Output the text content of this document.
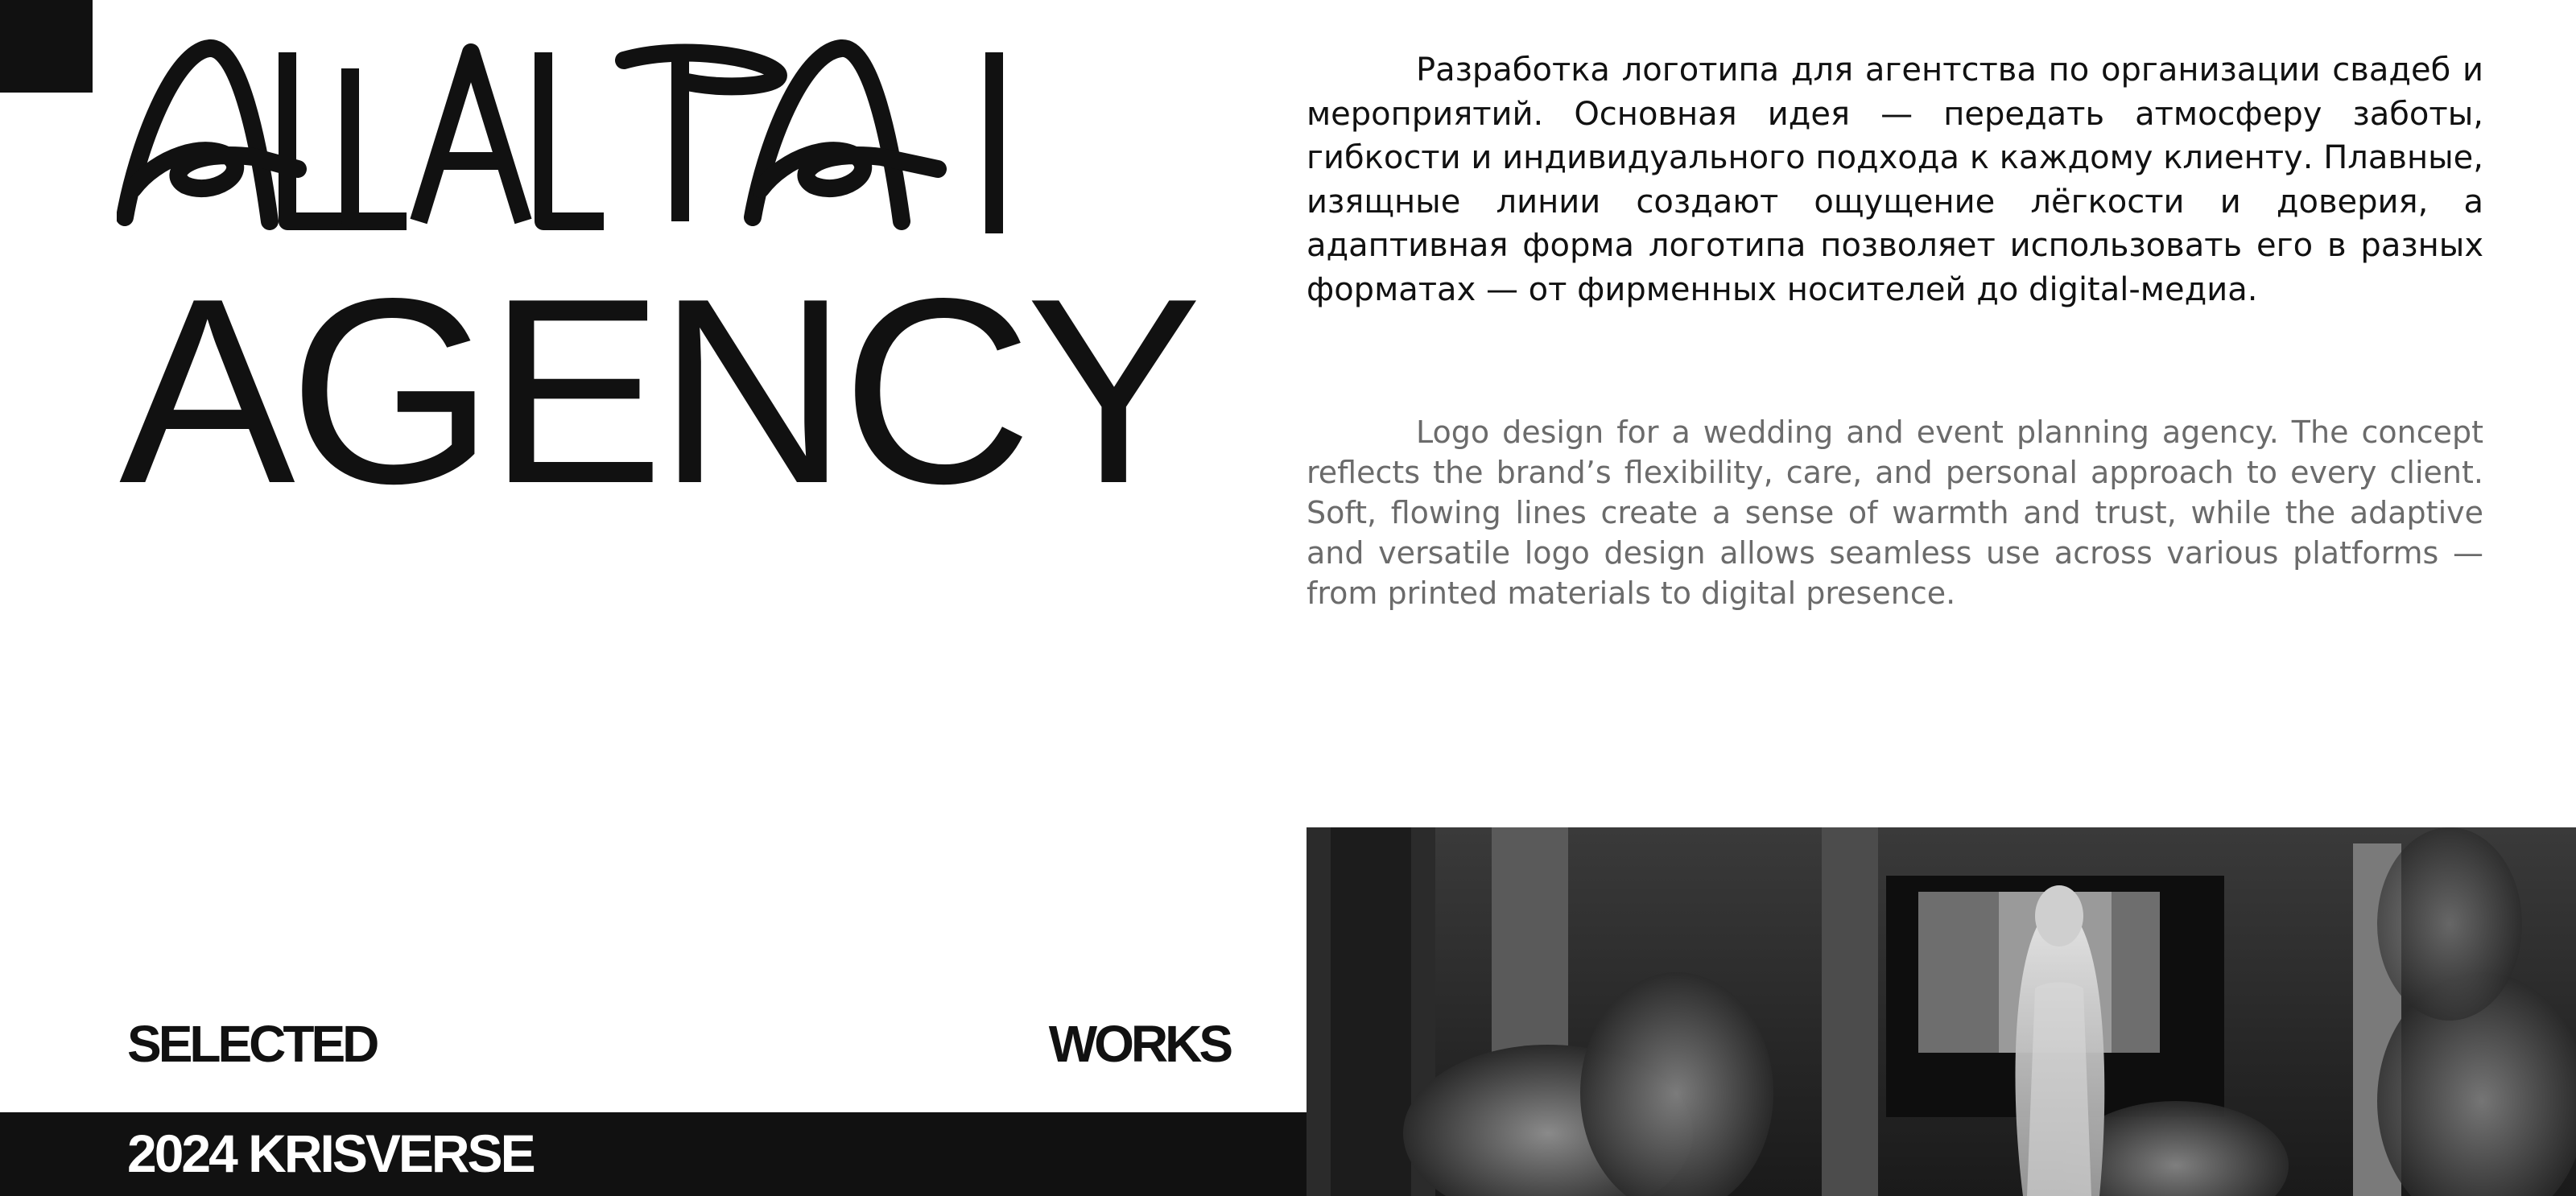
AGENCY

Разработка логотипа для агентства по организации свадеб и мероприятий. Основная идея — передать атмосферу заботы, гибкости и индивидуального подхода к каждому клиенту. Плавные, изящные линии создают ощущение лёгкости и доверия, а адаптивная форма логотипа позволяет использовать его в разных форматах — от фирменных носителей до digital-медиа.

Logo design for a wedding and event planning agency. The concept reflects the brand’s flexibility, care, and personal approach to every client. Soft, flowing lines create a sense of warmth and trust, while the adaptive and versatile logo design allows seamless use across various platforms — from printed materials to digital presence.

SELECTED	WORKS
2024 KRISVERSE
